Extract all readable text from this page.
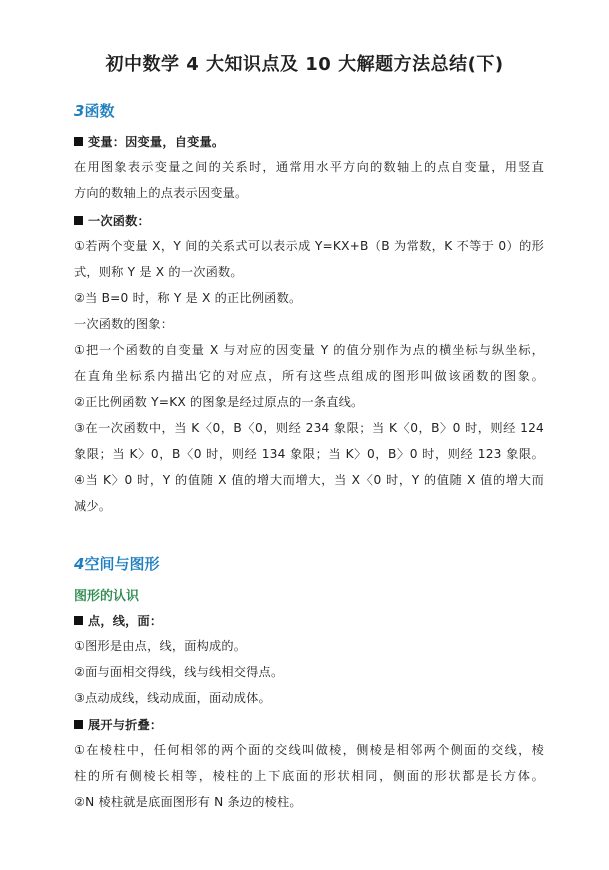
初中数学 4 大知识点及 10 大解题方法总结(下)
3函数
变量：因变量，自变量。
在用图象表示变量之间的关系时，通常用水平方向的数轴上的点自变量，用竖直
方向的数轴上的点表示因变量。
一次函数：
①若两个变量 X，Y 间的关系式可以表示成 Y=KX+B（B 为常数，K 不等于 0）的形
式，则称 Y 是 X 的一次函数。
②当 B=0 时，称 Y 是 X 的正比例函数。
一次函数的图象：
①把一个函数的自变量 X 与对应的因变量 Y 的值分别作为点的横坐标与纵坐标，
在直角坐标系内描出它的对应点，所有这些点组成的图形叫做该函数的图象。
②正比例函数 Y=KX 的图象是经过原点的一条直线。
③在一次函数中，当 K〈0，B〈0，则经 234 象限；当 K〈0，B〉0 时，则经 124
象限；当 K〉0，B〈0 时，则经 134 象限；当 K〉0，B〉0 时，则经 123 象限。
④当 K〉0 时，Y 的值随 X 值的增大而增大，当 X〈0 时，Y 的值随 X 值的增大而
减少。
4空间与图形
图形的认识
点，线，面：
①图形是由点，线，面构成的。
②面与面相交得线，线与线相交得点。
③点动成线，线动成面，面动成体。
展开与折叠：
①在棱柱中，任何相邻的两个面的交线叫做棱，侧棱是相邻两个侧面的交线，棱
柱的所有侧棱长相等，棱柱的上下底面的形状相同，侧面的形状都是长方体。
②N 棱柱就是底面图形有 N 条边的棱柱。
